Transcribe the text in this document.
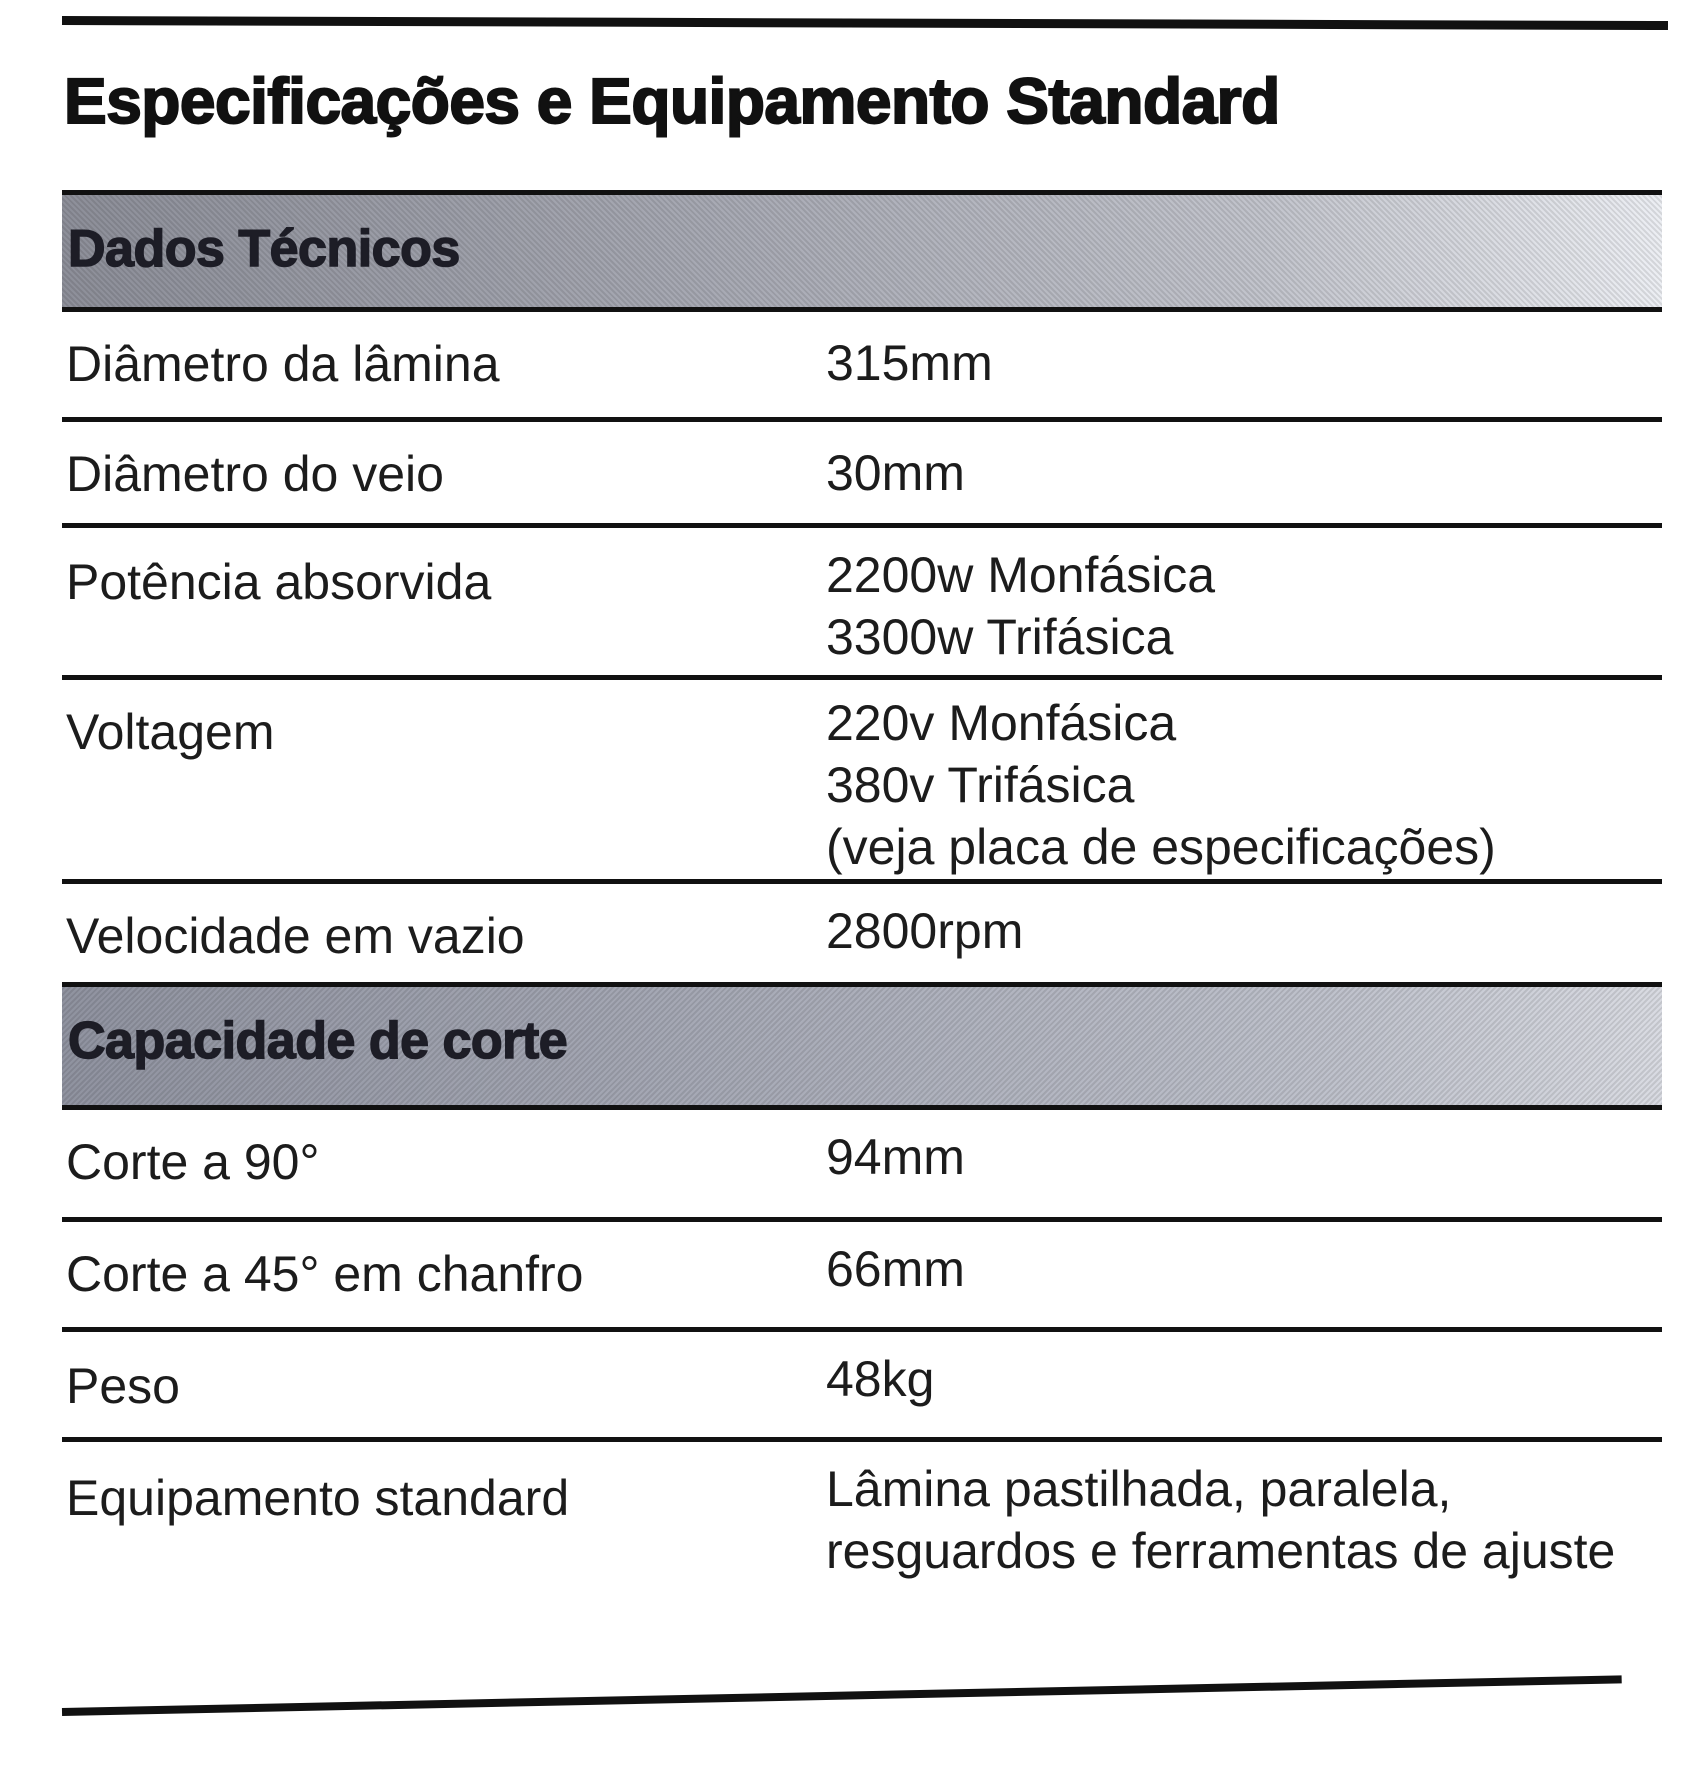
Especificações e Equipamento Standard
Dados Técnicos
Diâmetro da lâmina	315mm
Diâmetro do veio	30mm
Potência absorvida	2200w Monfásica
3300w Trifásica
Voltagem	220v Monfásica
380v Trifásica
(veja placa de especificações)
Velocidade em vazio	2800rpm
Capacidade de corte
Corte a 90°	94mm
Corte a 45° em chanfro	66mm
Peso	48kg
Equipamento standard	Lâmina pastilhada, paralela,
resguardos e ferramentas de ajuste
